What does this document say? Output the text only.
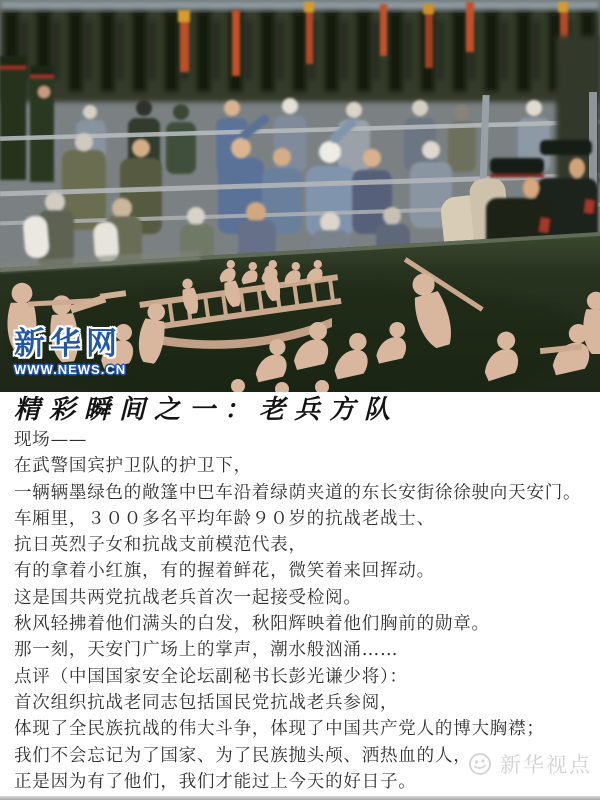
新华网
WWW.NEWS.CN
精彩瞬间之一：老兵方队

现场——

在武警国宾护卫队的护卫下，

一辆辆墨绿色的敞篷中巴车沿着绿荫夹道的东长安街徐徐驶向天安门。

车厢里，３００多名平均年龄９０岁的抗战老战士、

抗日英烈子女和抗战支前模范代表，

有的拿着小红旗，有的握着鲜花，微笑着来回挥动。

这是国共两党抗战老兵首次一起接受检阅。

秋风轻拂着他们满头的白发，秋阳辉映着他们胸前的勋章。

那一刻，天安门广场上的掌声，潮水般汹涌……

点评（中国国家安全论坛副秘书长彭光谦少将）：

首次组织抗战老同志包括国民党抗战老兵参阅，

体现了全民族抗战的伟大斗争，体现了中国共产党人的博大胸襟；

我们不会忘记为了国家、为了民族抛头颅、洒热血的人，

正是因为有了他们，我们才能过上今天的好日子。

新华视点
